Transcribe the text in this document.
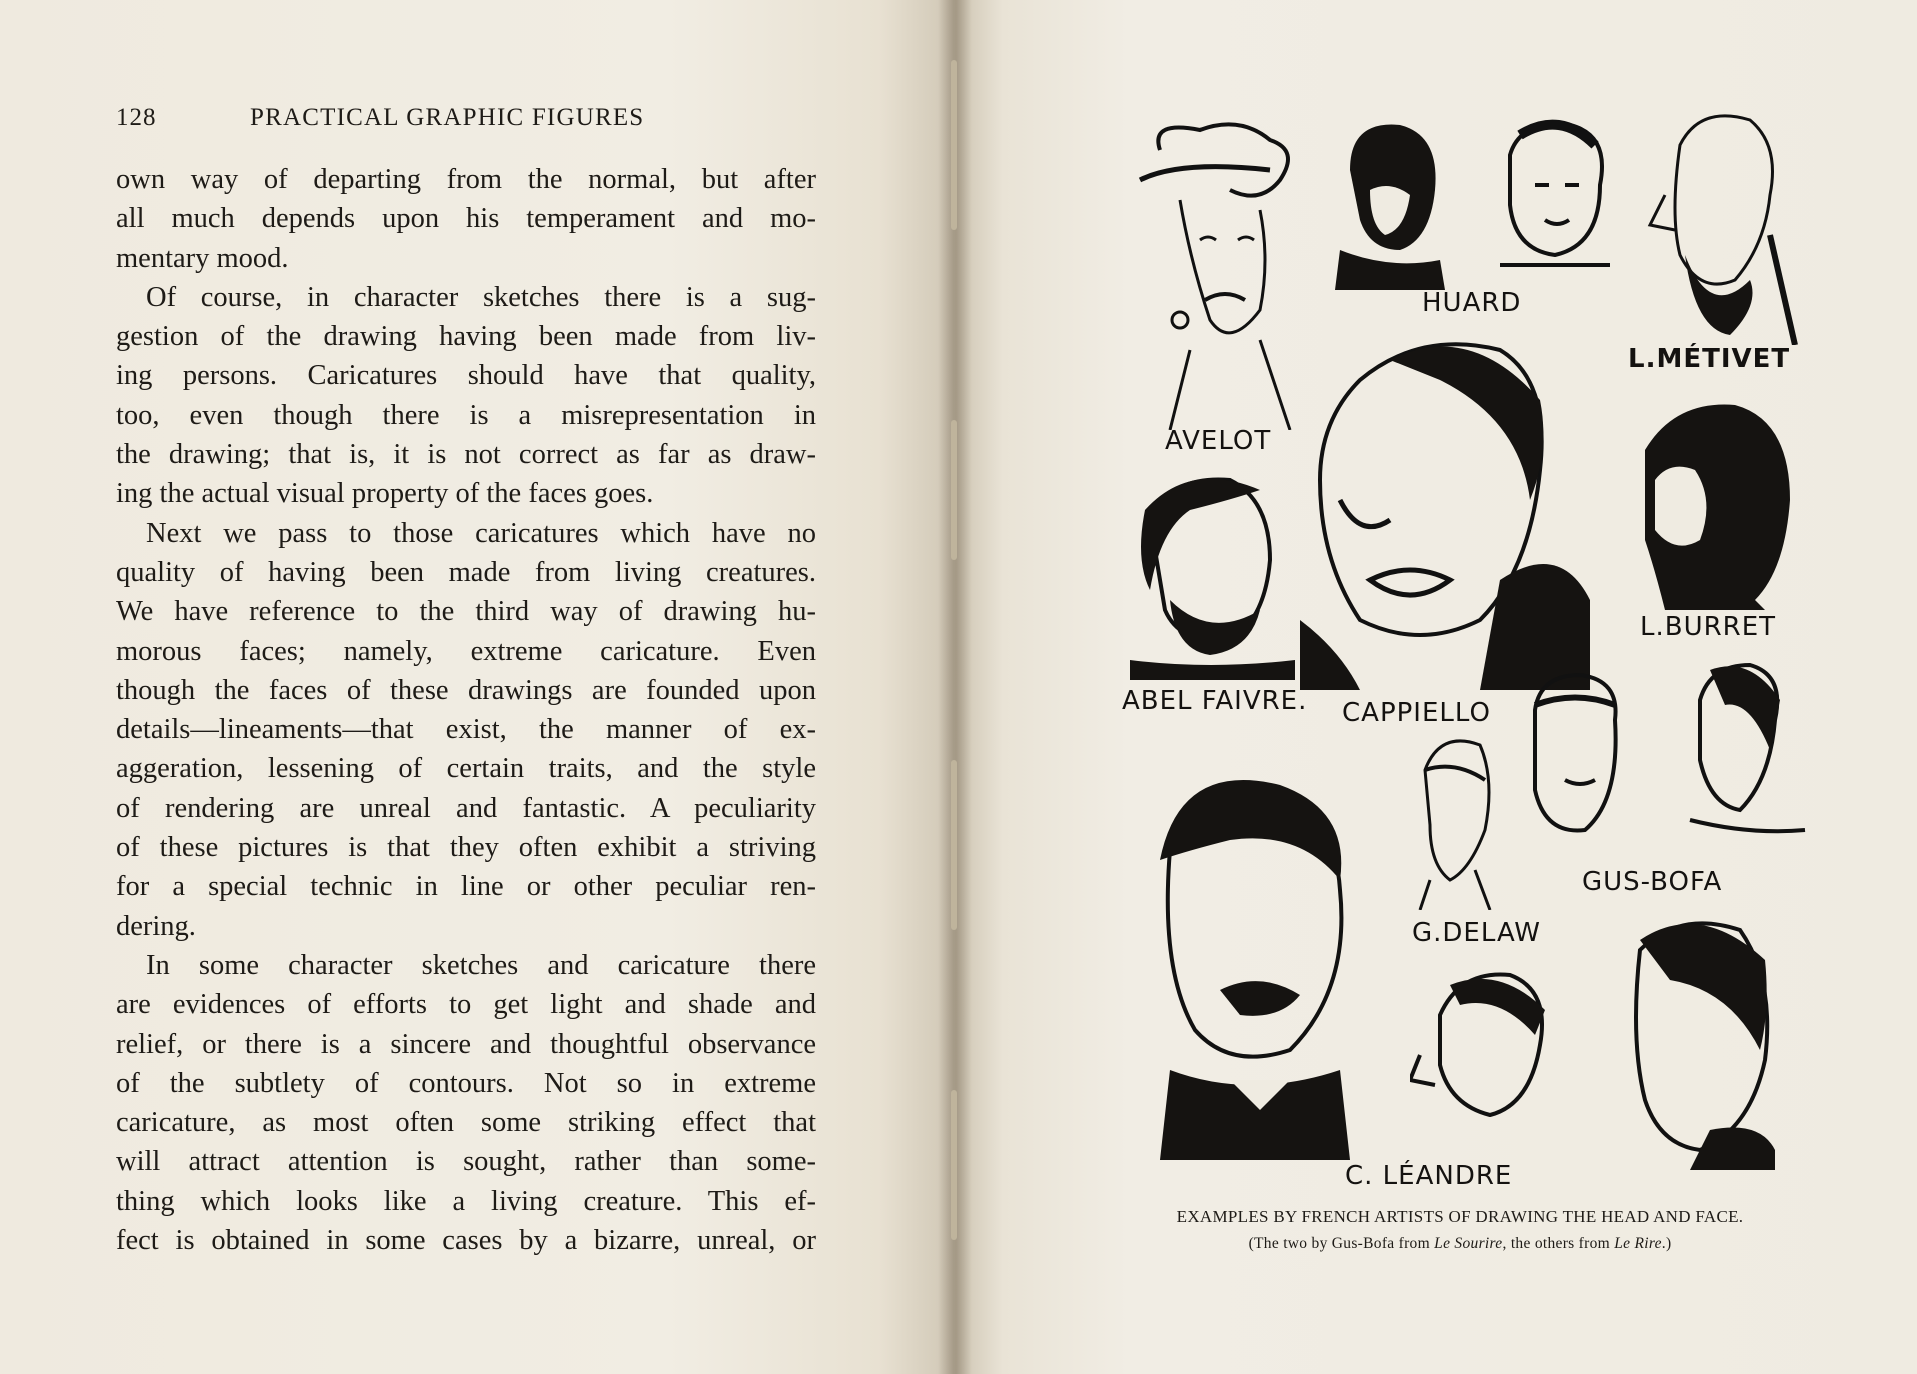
128	PRACTICAL GRAPHIC FIGURES
own way of departing from the normal, but after
all much depends upon his temperament and mo-
mentary mood.
Of course, in character sketches there is a sug-
gestion of the drawing having been made from liv-
ing persons. Caricatures should have that quality,
too, even though there is a misrepresentation in
the drawing; that is, it is not correct as far as draw-
ing the actual visual property of the faces goes.
Next we pass to those caricatures which have no
quality of having been made from living creatures.
We have reference to the third way of drawing hu-
morous faces; namely, extreme caricature. Even
though the faces of these drawings are founded upon
details—lineaments—that exist, the manner of ex-
aggeration, lessening of certain traits, and the style
of rendering are unreal and fantastic. A peculiarity
of these pictures is that they often exhibit a striving
for a special technic in line or other peculiar ren-
dering.
In some character sketches and caricature there
are evidences of efforts to get light and shade and
relief, or there is a sincere and thoughtful observance
of the subtlety of contours. Not so in extreme
caricature, as most often some striking effect that
will attract attention is sought, rather than some-
thing which looks like a living creature. This ef-
fect is obtained in some cases by a bizarre, unreal, or
AVELOT
HUARD
L.MÉTIVET
L.BURRET
ABEL FAIVRE. CAPPIELLO
GUS-BOFA
G.DELAW
C. LÉANDRE
EXAMPLES BY FRENCH ARTISTS OF DRAWING THE HEAD AND FACE.
(The two by Gus-Bofa from Le Sourire, the others from Le Rire.)
